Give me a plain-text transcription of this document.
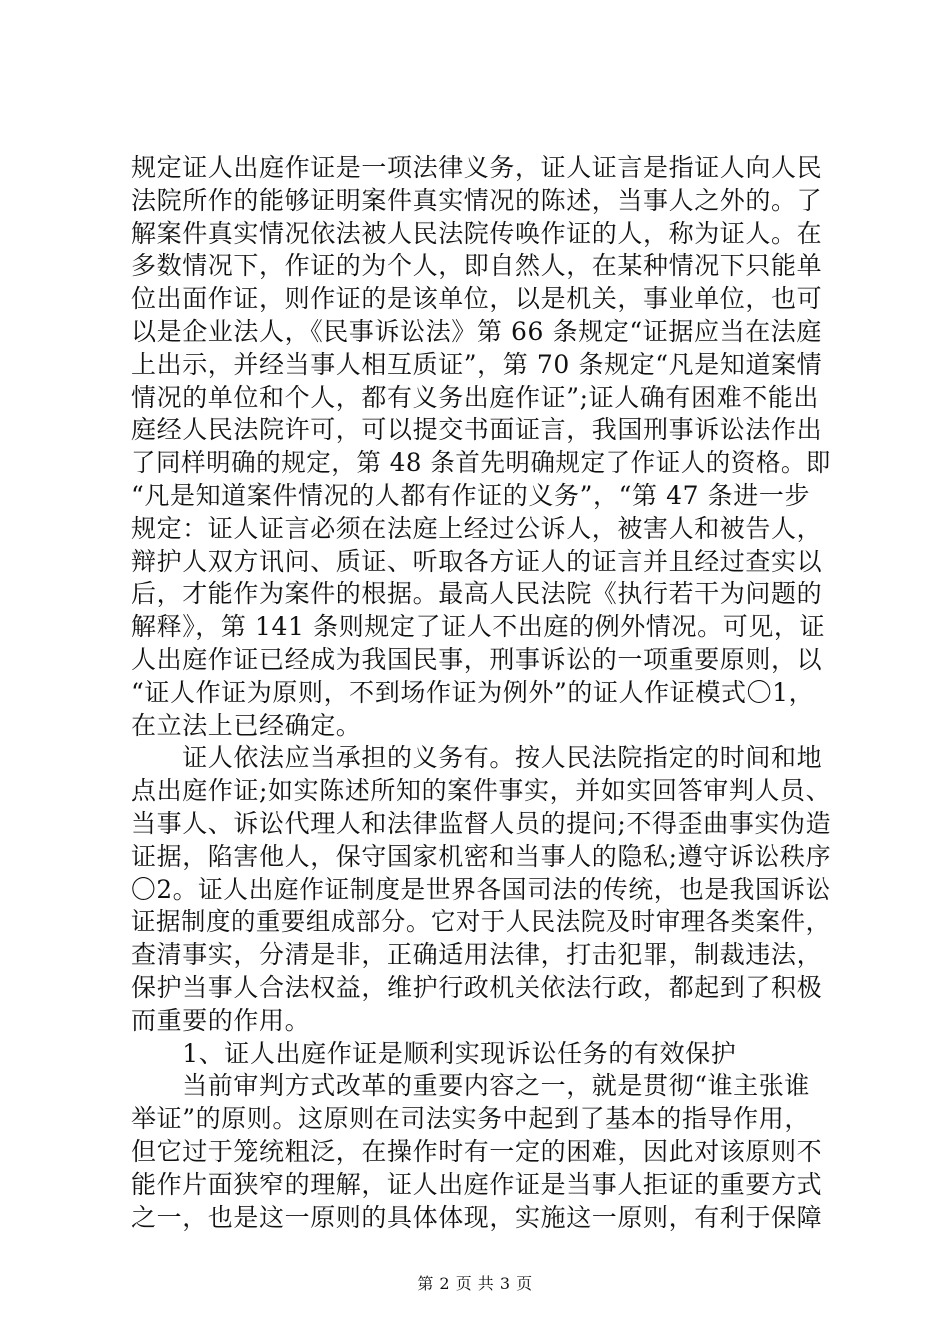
规定证人出庭作证是一项法律义务，证人证言是指证人向人民
法院所作的能够证明案件真实情况的陈述，当事人之外的。了
解案件真实情况依法被人民法院传唤作证的人，称为证人。在
多数情况下，作证的为个人，即自然人，在某种情况下只能单
位出面作证，则作证的是该单位，以是机关，事业单位，也可
以是企业法人，《民事诉讼法》第 66 条规定“证据应当在法庭
上出示，并经当事人相互质证”，第 70 条规定“凡是知道案情
情况的单位和个人，都有义务出庭作证”;证人确有困难不能出
庭经人民法院许可，可以提交书面证言，我国刑事诉讼法作出
了同样明确的规定，第 48 条首先明确规定了作证人的资格。即
“凡是知道案件情况的人都有作证的义务”，“第 47 条进一步
规定：证人证言必须在法庭上经过公诉人，被害人和被告人，
辩护人双方讯问、质证、听取各方证人的证言并且经过查实以
后，才能作为案件的根据。最高人民法院《执行若干为问题的
解释》，第 141 条则规定了证人不出庭的例外情况。可见，证
人出庭作证已经成为我国民事，刑事诉讼的一项重要原则，以
“证人作证为原则，不到场作证为例外”的证人作证模式〇1，
在立法上已经确定。
　　证人依法应当承担的义务有。按人民法院指定的时间和地
点出庭作证;如实陈述所知的案件事实，并如实回答审判人员、
当事人、诉讼代理人和法律监督人员的提问;不得歪曲事实伪造
证据，陷害他人，保守国家机密和当事人的隐私;遵守诉讼秩序
〇2。证人出庭作证制度是世界各国司法的传统，也是我国诉讼
证据制度的重要组成部分。它对于人民法院及时审理各类案件，
查清事实，分清是非，正确适用法律，打击犯罪，制裁违法，
保护当事人合法权益，维护行政机关依法行政，都起到了积极
而重要的作用。
　　1、证人出庭作证是顺利实现诉讼任务的有效保护
　　当前审判方式改革的重要内容之一，就是贯彻“谁主张谁
举证”的原则。这原则在司法实务中起到了基本的指导作用，
但它过于笼统粗泛，在操作时有一定的困难，因此对该原则不
能作片面狭窄的理解，证人出庭作证是当事人拒证的重要方式
之一，也是这一原则的具体体现，实施这一原则，有利于保障
第 2 页 共 3 页
